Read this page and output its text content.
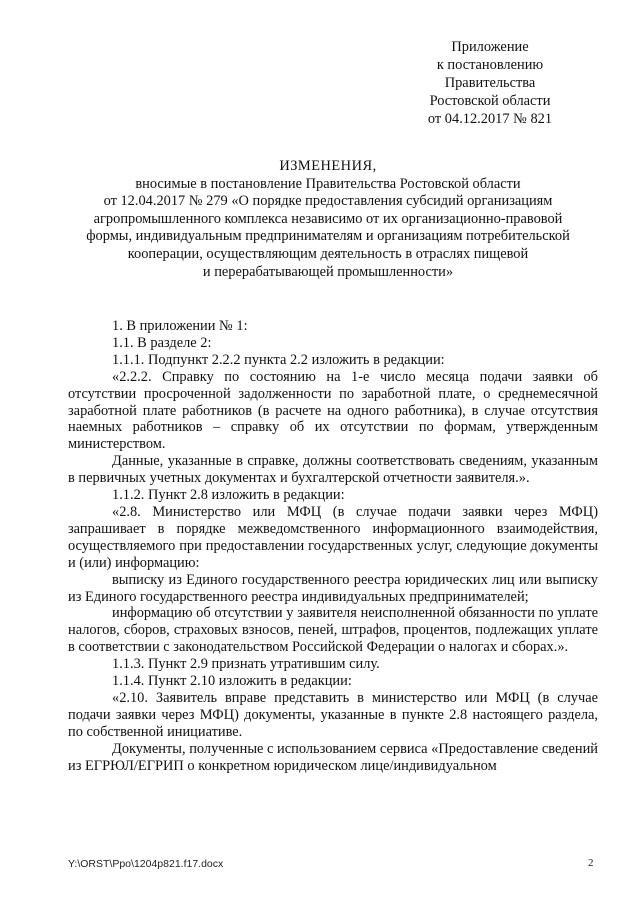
Приложение
к постановлению
Правительства
Ростовской области
от 04.12.2017 № 821
ИЗМЕНЕНИЯ,
вносимые в постановление Правительства Ростовской области
от 12.04.2017 № 279 «О порядке предоставления субсидий организациям
агропромышленного комплекса независимо от их организационно-правовой
формы, индивидуальным предпринимателям и организациям потребительской
кооперации, осуществляющим деятельность в отраслях пищевой
и перерабатывающей промышленности»

1. В приложении № 1:

1.1. В разделе 2:

1.1.1. Подпункт 2.2.2 пункта 2.2 изложить в редакции:

«2.2.2. Справку по состоянию на 1-е число месяца подачи заявки об отсутствии просроченной задолженности по заработной плате, о среднемесячной заработной плате работников (в расчете на одного работника), в случае отсутствия наемных работников – справку об их отсутствии по формам, утвержденным министерством.

Данные, указанные в справке, должны соответствовать сведениям, указанным в первичных учетных документах и бухгалтерской отчетности заявителя.».

1.1.2. Пункт 2.8 изложить в редакции:

«2.8. Министерство или МФЦ (в случае подачи заявки через МФЦ) запрашивает в порядке межведомственного информационного взаимодействия, осуществляемого при предоставлении государственных услуг, следующие документы и (или) информацию:

выписку из Единого государственного реестра юридических лиц или выписку из Единого государственного реестра индивидуальных предпринимателей;

информацию об отсутствии у заявителя неисполненной обязанности по уплате налогов, сборов, страховых взносов, пеней, штрафов, процентов, подлежащих уплате в соответствии с законодательством Российской Федерации о налогах и сборах.».

1.1.3. Пункт 2.9 признать утратившим силу.

1.1.4. Пункт 2.10 изложить в редакции:

«2.10. Заявитель вправе представить в министерство или МФЦ (в случае подачи заявки через МФЦ) документы, указанные в пункте 2.8 настоящего раздела, по собственной инициативе.

Документы, полученные с использованием сервиса «Предоставление сведений из ЕГРЮЛ/ЕГРИП о конкретном юридическом лице/индивидуальном

Y:\ORST\Ppo\1204p821.f17.docx	2
